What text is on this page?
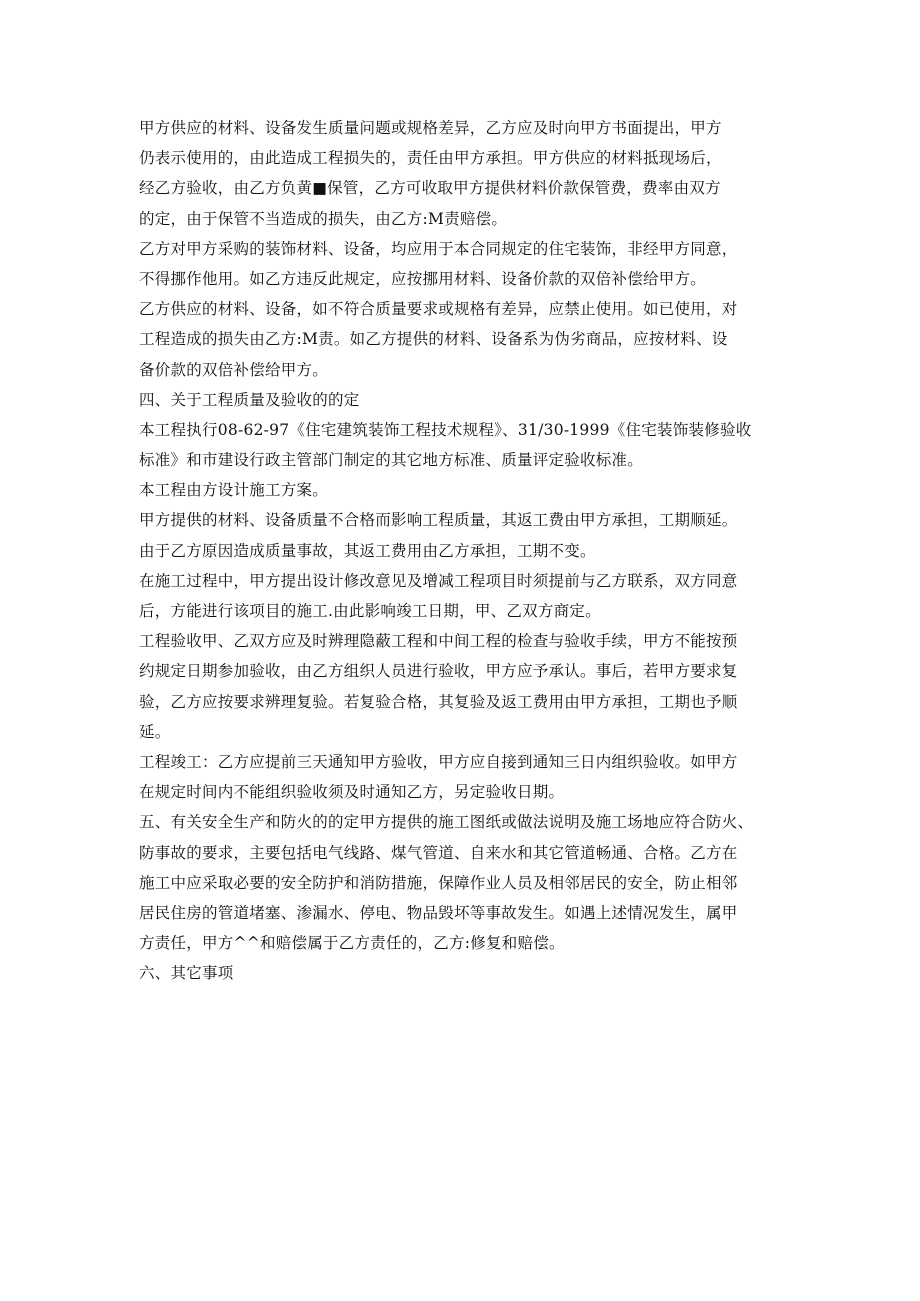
甲方供应的材料、设备发生质量问题或规格差异，乙方应及时向甲方书面提出，甲方
仍表示使用的，由此造成工程损失的，责任由甲方承担。甲方供应的材料抵现场后，
经乙方验收，由乙方负黄■保管，乙方可收取甲方提供材料价款保管费，费率由双方
的定，由于保管不当造成的损失，由乙方:M责赔偿。
乙方对甲方采购的装饰材料、设备，均应用于本合同规定的住宅装饰，非经甲方同意，
不得挪作他用。如乙方违反此规定，应按挪用材料、设备价款的双倍补偿给甲方。
乙方供应的材料、设备，如不符合质量要求或规格有差异，应禁止使用。如已使用，对
工程造成的损失由乙方:M责。如乙方提供的材料、设备系为伪劣商品，应按材料、设
备价款的双倍补偿给甲方。
四、关于工程质量及验收的的定
本工程执行08-62-97《住宅建筑装饰工程技术规程》、31/30-1999《住宅装饰装修验收
标准》和市建设行政主管部门制定的其它地方标准、质量评定验收标准。
本工程由方设计施工方案。
甲方提供的材料、设备质量不合格而影响工程质量，其返工费由甲方承担，工期顺延。
由于乙方原因造成质量事故，其返工费用由乙方承担，工期不变。
在施工过程中，甲方提出设计修改意见及增减工程项目时须提前与乙方联系，双方同意
后，方能进行该项目的施工.由此影响竣工日期，甲、乙双方商定。
工程验收甲、乙双方应及时辨理隐蔽工程和中间工程的检查与验收手续，甲方不能按预
约规定日期参加验收，由乙方组织人员进行验收，甲方应予承认。事后，若甲方要求复
验，乙方应按要求辨理复验。若复验合格，其复验及返工费用由甲方承担，工期也予顺
延。
工程竣工：乙方应提前三天通知甲方验收，甲方应自接到通知三日内组织验收。如甲方
在规定时间内不能组织验收须及时通知乙方，另定验收日期。
五、有关安全生产和防火的的定甲方提供的施工图纸或做法说明及施工场地应符合防火、
防事故的要求，主要包括电气线路、煤气管道、自来水和其它管道畅通、合格。乙方在
施工中应采取必要的安全防护和消防措施，保障作业人员及相邻居民的安全，防止相邻
居民住房的管道堵塞、渗漏水、停电、物品毁坏等事故发生。如遇上述情况发生，属甲
方责任，甲方^^和赔偿属于乙方责任的，乙方:修复和赔偿。
六、其它事项
